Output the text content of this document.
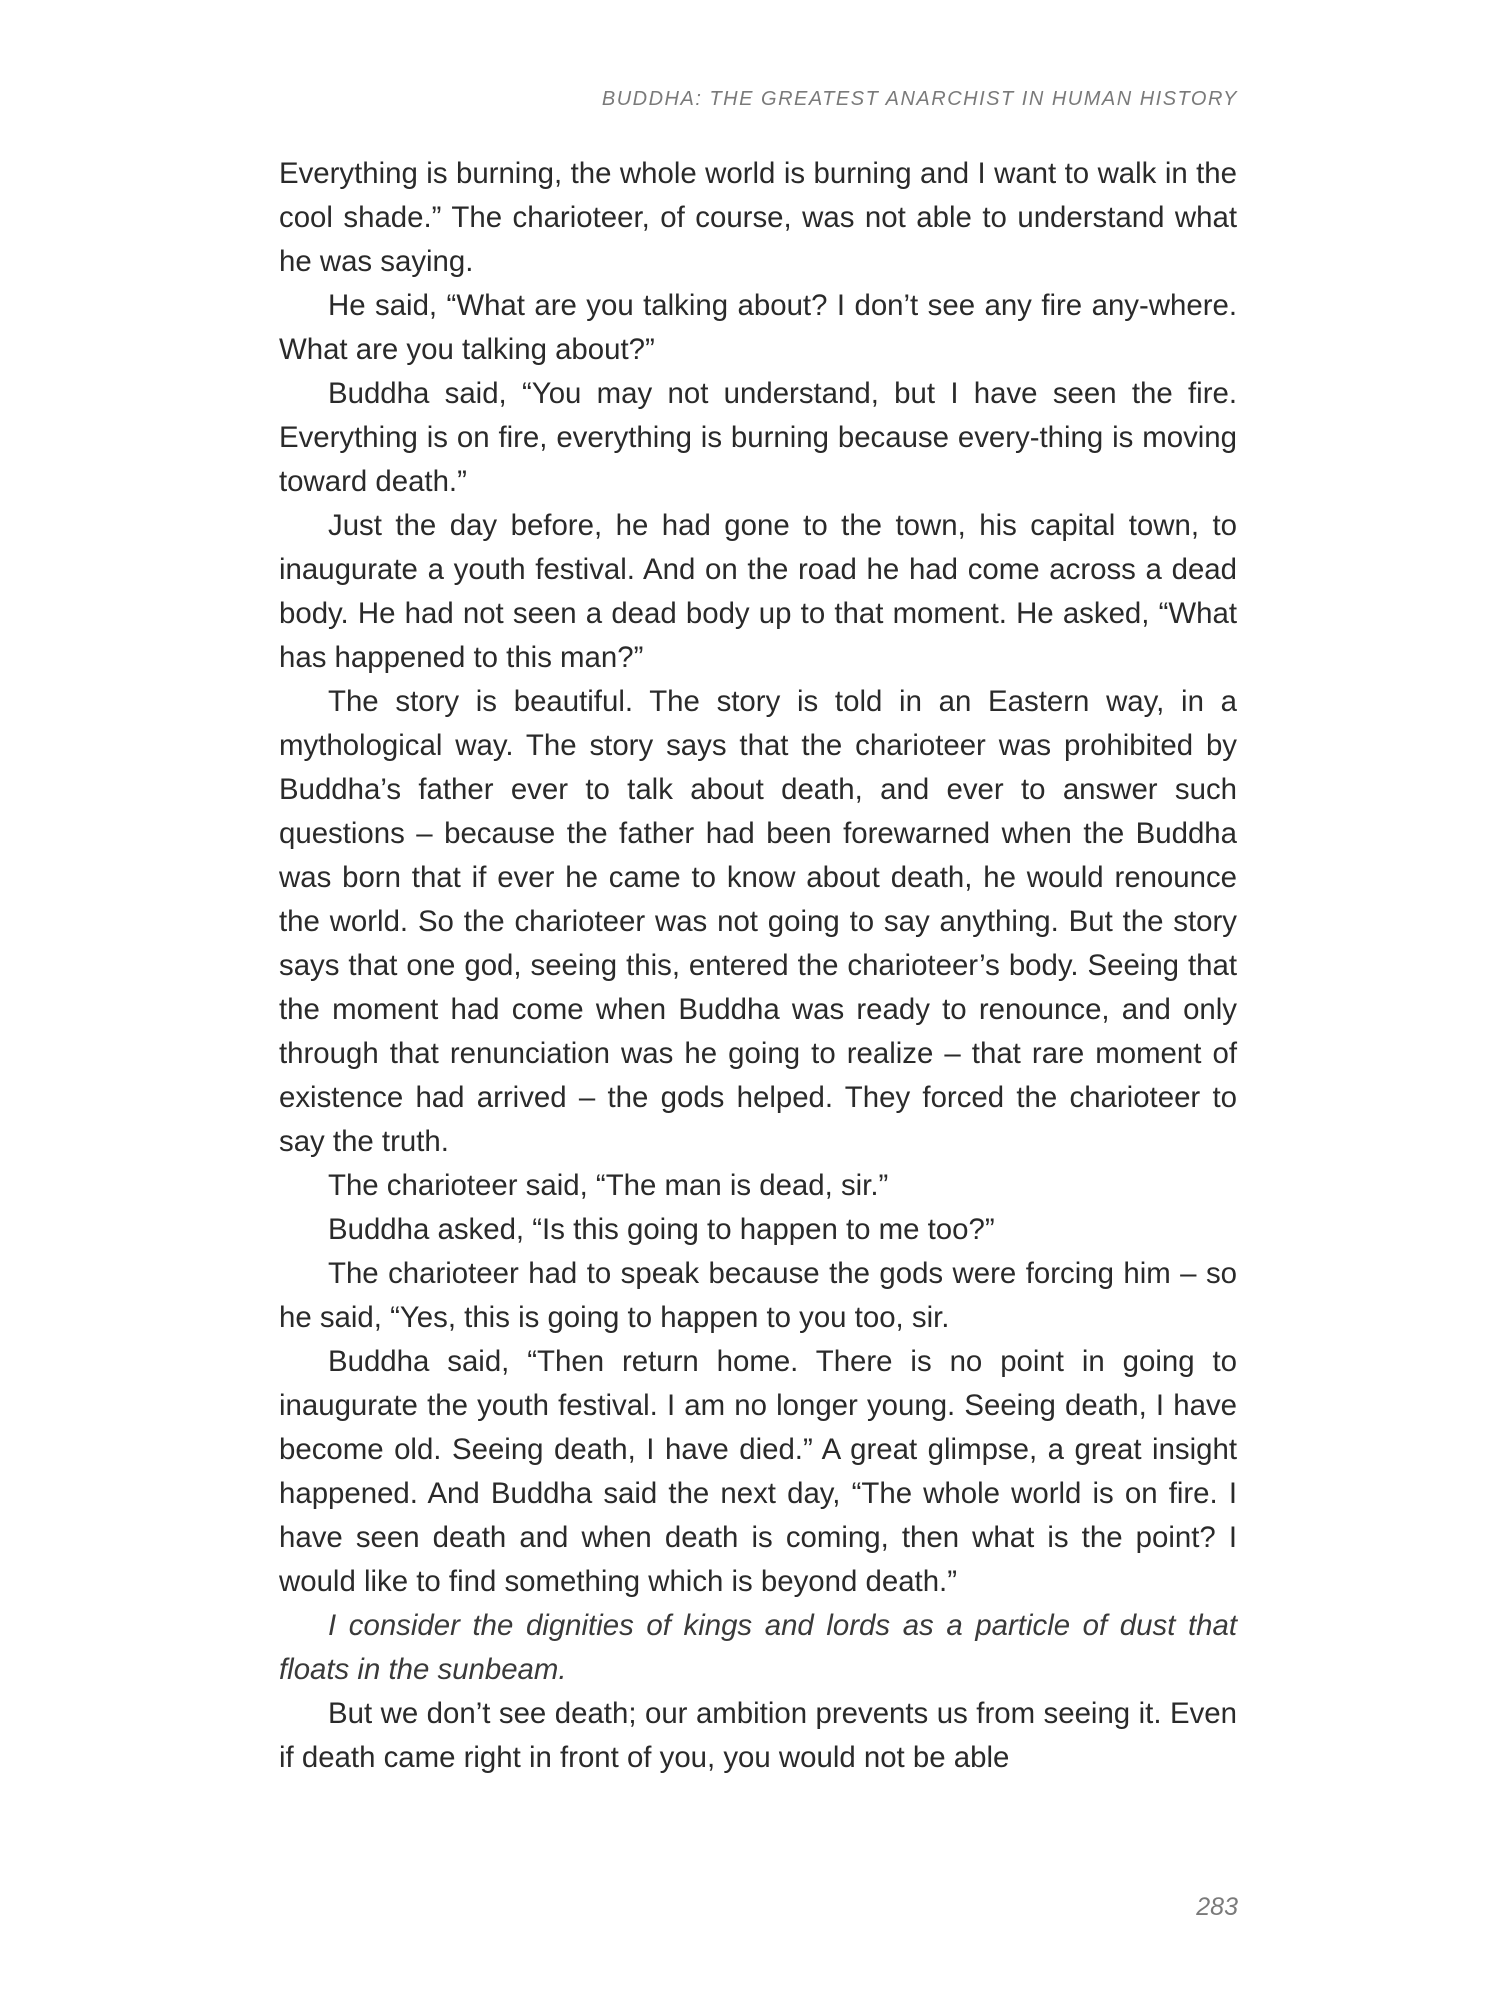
BUDDHA: THE GREATEST ANARCHIST IN HUMAN HISTORY

Everything is burning, the whole world is burning and I want to walk in the cool shade.” The charioteer, of course, was not able to understand what he was saying.

He said, “What are you talking about? I don’t see any fire any-where. What are you talking about?”

Buddha said, “You may not understand, but I have seen the fire. Everything is on fire, everything is burning because every-thing is moving toward death.”

Just the day before, he had gone to the town, his capital town, to inaugurate a youth festival. And on the road he had come across a dead body. He had not seen a dead body up to that moment. He asked, “What has happened to this man?”

The story is beautiful. The story is told in an Eastern way, in a mythological way. The story says that the charioteer was prohibited by Buddha’s father ever to talk about death, and ever to answer such questions – because the father had been forewarned when the Buddha was born that if ever he came to know about death, he would renounce the world. So the charioteer was not going to say anything. But the story says that one god, seeing this, entered the charioteer’s body. Seeing that the moment had come when Buddha was ready to renounce, and only through that renunciation was he going to realize – that rare moment of existence had arrived – the gods helped. They forced the charioteer to say the truth.

The charioteer said, “The man is dead, sir.”

Buddha asked, “Is this going to happen to me too?”

The charioteer had to speak because the gods were forcing him – so he said, “Yes, this is going to happen to you too, sir.

Buddha said, “Then return home. There is no point in going to inaugurate the youth festival. I am no longer young. Seeing death, I have become old. Seeing death, I have died.” A great glimpse, a great insight happened. And Buddha said the next day, “The whole world is on fire. I have seen death and when death is coming, then what is the point? I would like to find something which is beyond death.”

I consider the dignities of kings and lords as a particle of dust that floats in the sunbeam.

But we don’t see death; our ambition prevents us from seeing it. Even if death came right in front of you, you would not be able

283
